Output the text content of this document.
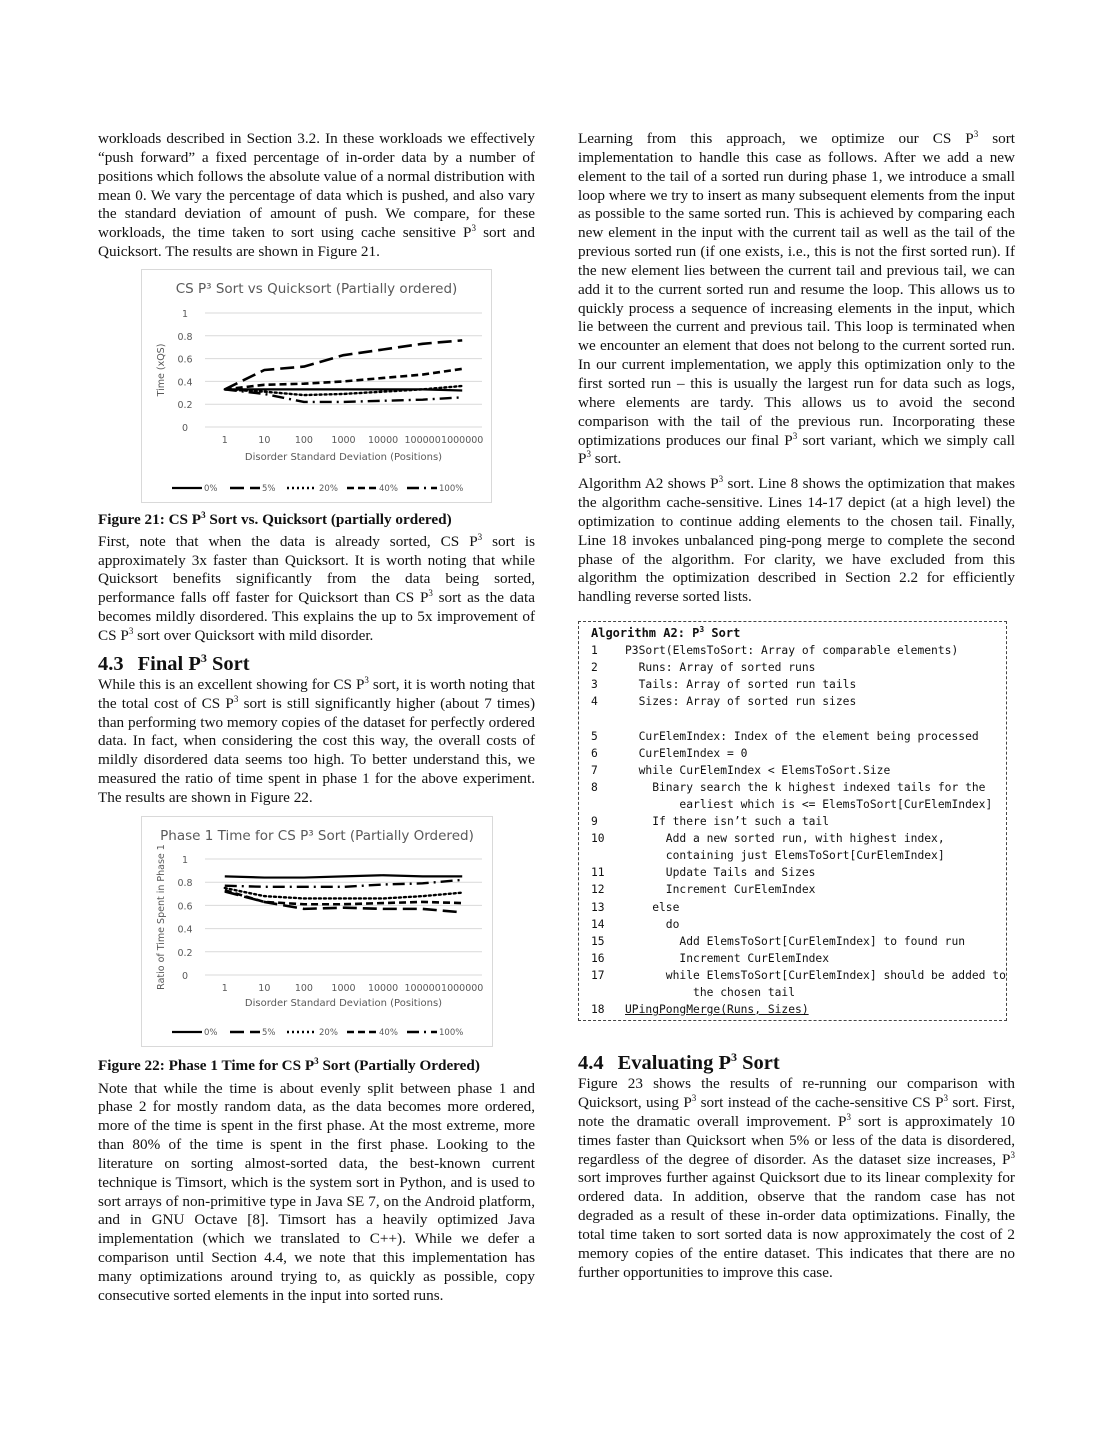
workloads described in Section 3.2. In these workloads we effectively “push forward” a fixed percentage of in-order data by a number of positions which follows the absolute value of a normal distribution with mean 0. We vary the percentage of data which is pushed, and also vary the standard deviation of amount of push. We compare, for these workloads, the time taken to sort using cache sensitive $P^3$ sort and Quicksort. The results are shown in Figure 21.

CS P³ Sort vs Quicksort (Partially ordered)
0
0.2
0.4
0.6
0.8
1
Time (xQS)
1	10	100 1000 10000 100000 1000000
Disorder Standard Deviation (Positions)
0%	5%	20%	40%	100%

Figure 21: CS $P^3$ Sort vs. Quicksort (partially ordered)

First, note that when the data is already sorted, CS $P^3$ sort is approximately 3x faster than Quicksort. It is worth noting that while Quicksort benefits significantly from the data being sorted, performance falls off faster for Quicksort than CS $P^3$ sort as the data becomes mildly disordered. This explains the up to 5x improvement of CS $P^3$ sort over Quicksort with mild disorder.

4.3 Final $P^3$ Sort

While this is an excellent showing for CS $P^3$ sort, it is worth noting that the total cost of CS $P^3$ sort is still significantly higher (about 7 times) than performing two memory copies of the dataset for perfectly ordered data. In fact, when considering the cost this way, the overall costs of mildly disordered data seems too high. To better understand this, we measured the ratio of time spent in phase 1 for the above experiment. The results are shown in Figure 22.

Phase 1 Time for CS P³ Sort (Partially Ordered)
0
0.2
0.4
0.6
0.8
1
Ratio of Time Spent in Phase 1	1	10	100 1000 10000 100000 1000000
Disorder Standard Deviation (Positions)
0%	5%	20%	40%	100%

Figure 22: Phase 1 Time for CS $P^3$ Sort (Partially Ordered)

Note that while the time is about evenly split between phase 1 and phase 2 for mostly random data, as the data becomes more ordered, more of the time is spent in the first phase. At the most extreme, more than 80% of the time is spent in the first phase. Looking to the literature on sorting almost-sorted data, the best-known current technique is Timsort, which is the system sort in Python, and is used to sort arrays of non-primitive type in Java SE 7, on the Android platform, and in GNU Octave [8]. Timsort has a heavily optimized Java implementation (which we translated to C++). While we defer a comparison until Section 4.4, we note that this implementation has many optimizations around trying to, as quickly as possible, copy consecutive sorted elements in the input into sorted runs.

Learning from this approach, we optimize our CS $P^3$ sort implementation to handle this case as follows. After we add a new element to the tail of a sorted run during phase 1, we introduce a small loop where we try to insert as many subsequent elements from the input as possible to the same sorted run. This is achieved by comparing each new element in the input with the current tail as well as the tail of the previous sorted run (if one exists, i.e., this is not the first sorted run). If the new element lies between the current tail and previous tail, we can add it to the current sorted run and resume the loop. This allows us to quickly process a sequence of increasing elements in the input, which lie between the current and previous tail. This loop is terminated when we encounter an element that does not belong to the current sorted run. In our current implementation, we apply this optimization only to the first sorted run – this is usually the largest run for data such as logs, where elements are tardy. This allows us to avoid the second comparison with the tail of the previous run. Incorporating these optimizations produces our final $P^3$ sort variant, which we simply call $P^3$ sort.

Algorithm A2 shows $P^3$ sort. Line 8 shows the optimization that makes the algorithm cache-sensitive. Lines 14-17 depict (at a high level) the optimization to continue adding elements to the chosen tail. Finally, Line 18 invokes unbalanced ping-pong merge to complete the second phase of the algorithm. For clarity, we have excluded from this algorithm the optimization described in Section 2.2 for efficiently handling reverse sorted lists.

Algorithm A2: $P^3$ Sort
1	P3Sort(ElemsToSort: Array of comparable elements)
2	Runs: Array of sorted runs
3	Tails: Array of sorted run tails
4	Sizes: Array of sorted run sizes

5	CurElemIndex: Index of the element being processed
6	CurElemIndex = 0
7	while CurElemIndex < ElemsToSort.Size
8	Binary search the k highest indexed tails for the

earliest which is <= ElemsToSort[CurElemIndex]
9	If there isn’t such a tail
10	Add a new sorted run, with highest index,

containing just ElemsToSort[CurElemIndex]
11	Update Tails and Sizes
12	Increment CurElemIndex
13	else
14	do
15	Add ElemsToSort[CurElemIndex] to found run
16	Increment CurElemIndex
17	while ElemsToSort[CurElemIndex] should be added to

the chosen tail
18	UPingPongMerge(Runs, Sizes)
4.4 Evaluating $P^3$ Sort

Figure 23 shows the results of re-running our comparison with Quicksort, using $P^3$ sort instead of the cache-sensitive CS $P^3$ sort. First, note the dramatic overall improvement. $P^3$ sort is approximately 10 times faster than Quicksort when 5% or less of the data is disordered, regardless of the degree of disorder. As the dataset size increases, $P^3$ sort improves further against Quicksort due to its linear complexity for ordered data. In addition, observe that the random case has not degraded as a result of these in-order data optimizations. Finally, the total time taken to sort sorted data is now approximately the cost of 2 memory copies of the entire dataset. This indicates that there are no further opportunities to improve this case.
